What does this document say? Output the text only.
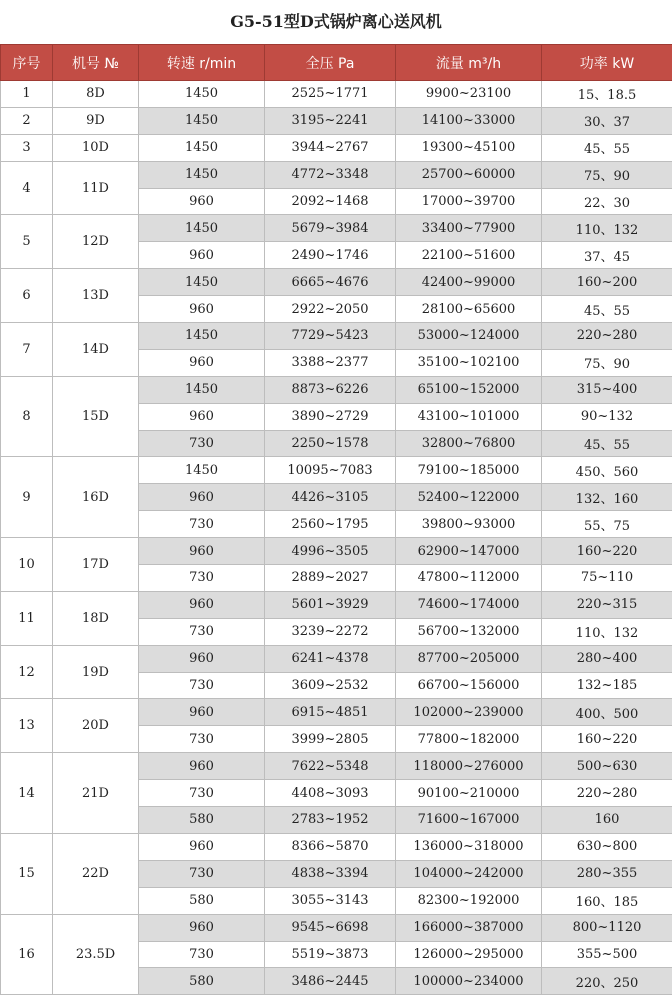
G5-51型D式锅炉离心送风机
序号	机号 №	转速 r/min	全压 Pa	流量 m³/h	功率 kW
1	8D	1450	2525~1771	9900~23100	15、18.5
2	9D	1450	3195~2241	14100~33000	30、37
3	10D	1450	3944~2767	19300~45100	45、55
4	11D	1450	4772~3348	25700~60000	75、90
		960	2092~1468	17000~39700	22、30
5	12D	1450	5679~3984	33400~77900	110、132
		960	2490~1746	22100~51600	37、45
6	13D	1450	6665~4676	42400~99000	160~200
		960	2922~2050	28100~65600	45、55
7	14D	1450	7729~5423	53000~124000	220~280
		960	3388~2377	35100~102100	75、90
8	15D	1450	8873~6226	65100~152000	315~400
		960	3890~2729	43100~101000	90~132
		730	2250~1578	32800~76800	45、55
9	16D	1450	10095~7083	79100~185000	450、560
		960	4426~3105	52400~122000	132、160
		730	2560~1795	39800~93000	55、75
10	17D	960	4996~3505	62900~147000	160~220
		730	2889~2027	47800~112000	75~110
11	18D	960	5601~3929	74600~174000	220~315
		730	3239~2272	56700~132000	110、132
12	19D	960	6241~4378	87700~205000	280~400
		730	3609~2532	66700~156000	132~185
13	20D	960	6915~4851	102000~239000	400、500
		730	3999~2805	77800~182000	160~220
14	21D	960	7622~5348	118000~276000	500~630
		730	4408~3093	90100~210000	220~280
		580	2783~1952	71600~167000	160
15	22D	960	8366~5870	136000~318000	630~800
		730	4838~3394	104000~242000	280~355
		580	3055~3143	82300~192000	160、185
16	23.5D	960	9545~6698	166000~387000	800~1120
		730	5519~3873	126000~295000	355~500
		580	3486~2445	100000~234000	220、250
